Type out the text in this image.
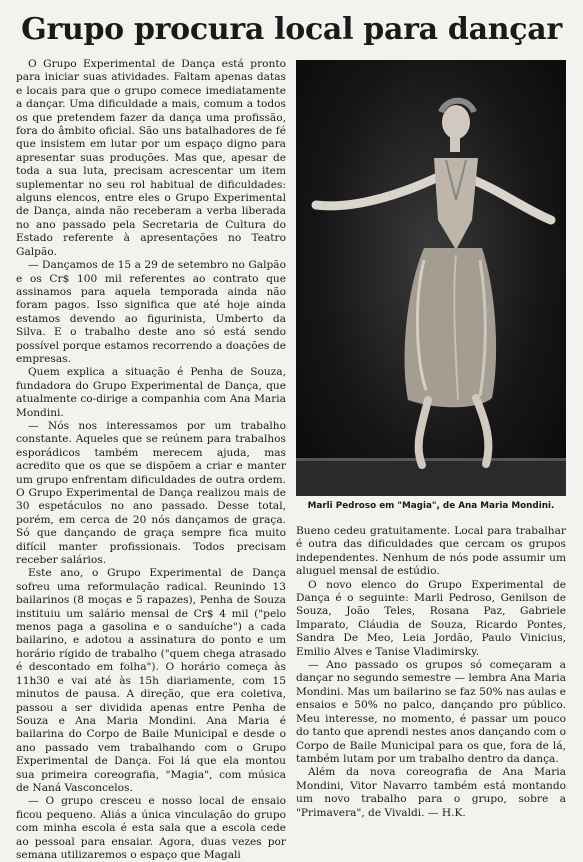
Grupo procura local para dançar

O Grupo Experimental de Dança está pronto para iniciar suas atividades. Faltam apenas datas e locais para que o grupo comece imediatamente a dançar. Uma dificuldade a mais, comum a todos os que pretendem fazer da dança uma profissão, fora do âmbito oficial. São uns batalhadores de fé que insistem em lutar por um espaço digno para apresentar suas produções. Mas que, apesar de toda a sua luta, precisam acrescentar um item suplementar no seu rol habitual de dificuldades: alguns elencos, entre eles o Grupo Experimental de Dança, ainda não receberam a verba liberada no ano passado pela Secretaria de Cultura do Estado referente à apresentações no Teatro Galpão.

— Dançamos de 15 a 29 de setembro no Galpão e os Cr$ 100 mil referentes ao contrato que assinamos para aquela temporada ainda não foram pagos. Isso significa que até hoje ainda estamos devendo ao figurinista, Umberto da Silva. E o trabalho deste ano só está sendo possível porque estamos recorrendo a doações de empresas.

Quem explica a situação é Penha de Souza, fundadora do Grupo Experimental de Dança, que atualmente co-dirige a companhia com Ana Maria Mondini.

— Nós nos interessamos por um trabalho constante. Aqueles que se reúnem para trabalhos esporádicos também merecem ajuda, mas acredito que os que se dispõem a criar e manter um grupo enfrentam dificuldades de outra ordem. O Grupo Experimental de Dança realizou mais de 30 espetáculos no ano passado. Desse total, porém, em cerca de 20 nós dançamos de graça. Só que dançando de graça sempre fica muito difícil manter profissionais. Todos precisam receber salários.

Este ano, o Grupo Experimental de Dança sofreu uma reformulação radical. Reunindo 13 bailarinos (8 moças e 5 rapazes), Penha de Souza instituiu um salário mensal de Cr$ 4 mil ("pelo menos paga a gasolina e o sanduíche") a cada bailarino, e adotou a assinatura do ponto e um horário rígido de trabalho ("quem chega atrasado é descontado em folha"). O horário começa às 11h30 e vai até às 15h diariamente, com 15 minutos de pausa. A direção, que era coletiva, passou a ser dividida apenas entre Penha de Souza e Ana Maria Mondini. Ana Maria é bailarina do Corpo de Baile Municipal e desde o ano passado vem trabalhando com o Grupo Experimental de Dança. Foi lá que ela montou sua primeira coreografia, "Magia", com música de Naná Vasconcelos.

— O grupo cresceu e nosso local de ensaio ficou pequeno. Aliás a única vinculação do grupo com minha escola é esta sala que a escola cede ao pessoal para ensaiar. Agora, duas vezes por semana utilizaremos o espaço que Magali

Marli Pedroso em "Magia", de Ana Maria Mondini.

Bueno cedeu gratuitamente. Local para trabalhar é outra das dificuldades que cercam os grupos independentes. Nenhum de nós pode assumir um aluguel mensal de estúdio.

O novo elenco do Grupo Experimental de Dança é o seguinte: Marli Pedroso, Genilson de Souza, João Teles, Rosana Paz, Gabriele Imparato, Cláudia de Souza, Ricardo Pontes, Sandra De Meo, Leia Jordão, Paulo Vinicius, Emilio Alves e Tanise Vladimirsky.

— Ano passado os grupos só começaram a dançar no segundo semestre — lembra Ana Maria Mondini. Mas um bailarino se faz 50% nas aulas e ensaios e 50% no palco, dançando pro público. Meu interesse, no momento, é passar um pouco do tanto que aprendi nestes anos dançando com o Corpo de Baile Municipal para os que, fora de lá, também lutam por um trabalho dentro da dança.

Além da nova coreografia de Ana Maria Mondini, Vitor Navarro também está montando um novo trabalho para o grupo, sobre a "Primavera", de Vivaldi. — H.K.
